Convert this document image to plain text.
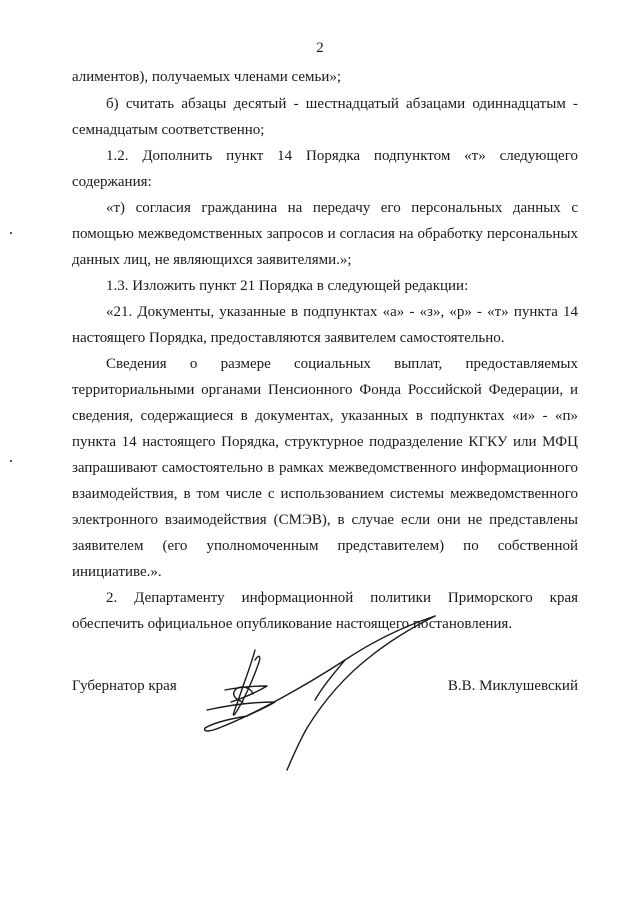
2

алиментов), получаемых членами семьи»;

б) считать абзацы десятый - шестнадцатый абзацами одиннадцатым -

семнадцатым соответственно;

1.2. Дополнить пункт 14 Порядка подпунктом «т» следующего

содержания:

«т) согласия гражданина на передачу его персональных данных с помощью межведомственных запросов и согласия на обработку персональных

данных лиц, не являющихся заявителями.»;

1.3. Изложить пункт 21 Порядка в следующей редакции:

«21. Документы, указанные в подпунктах «а» - «з», «р» - «т» пункта 14

настоящего Порядка, предоставляются заявителем самостоятельно.

Сведения о размере социальных выплат, предоставляемых территориальными органами Пенсионного Фонда Российской Федерации, и сведения, содержащиеся в документах, указанных в подпунктах «и» - «п» пункта 14 настоящего Порядка, структурное подразделение КГКУ или МФЦ запрашивают самостоятельно в рамках межведомственного информационного взаимодействия, в том числе с использованием системы межведомственного электронного взаимодействия (СМЭВ), в случае если они не представлены заявителем (его уполномоченным представителем) по собственной

инициативе.».

2. Департаменту информационной политики Приморского края

обеспечить официальное опубликование настоящего постановления.

Губернатор края	В.В. Миклушевский
